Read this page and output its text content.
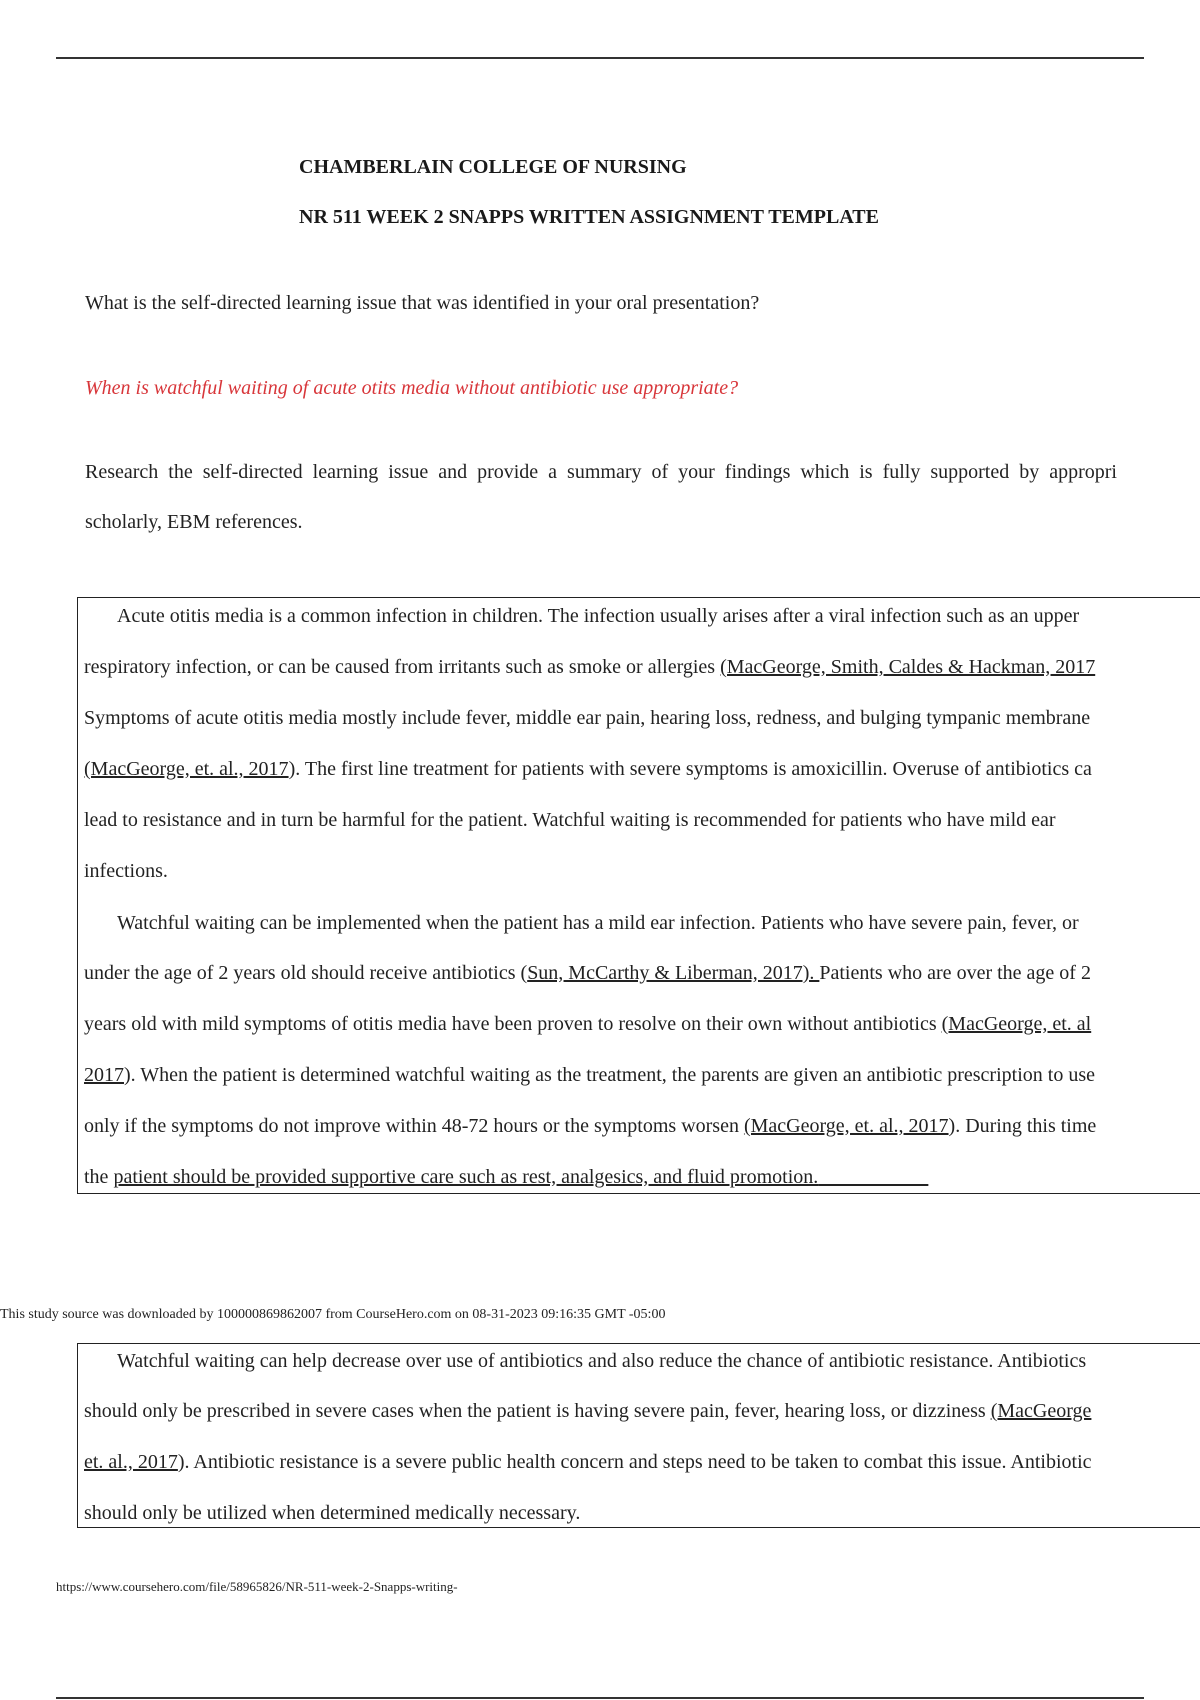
CHAMBERLAIN COLLEGE OF NURSING
NR 511 WEEK 2 SNAPPS WRITTEN ASSIGNMENT TEMPLATE
What is the self-directed learning issue that was identified in your oral presentation?
When is watchful waiting of acute otits media without antibiotic use appropriate?
Research the self-directed learning issue and provide a summary of your findings which is fully supported by appropri
scholarly, EBM references.
Acute otitis media is a common infection in children. The infection usually arises after a viral infection such as an upper
respiratory infection, or can be caused from irritants such as smoke or allergies (MacGeorge, Smith, Caldes & Hackman, 2017
Symptoms of acute otitis media mostly include fever, middle ear pain, hearing loss, redness, and bulging tympanic membrane
(MacGeorge, et. al., 2017). The first line treatment for patients with severe symptoms is amoxicillin. Overuse of antibiotics ca
lead to resistance and in turn be harmful for the patient. Watchful waiting is recommended for patients who have mild ear
infections.
Watchful waiting can be implemented when the patient has a mild ear infection. Patients who have severe pain, fever, or
under the age of 2 years old should receive antibiotics (Sun, McCarthy & Liberman, 2017). Patients who are over the age of 2
years old with mild symptoms of otitis media have been proven to resolve on their own without antibiotics (MacGeorge, et. al
2017). When the patient is determined watchful waiting as the treatment, the parents are given an antibiotic prescription to use
only if the symptoms do not improve within 48-72 hours or the symptoms worsen (MacGeorge, et. al., 2017). During this time
the patient should be provided supportive care such as rest, analgesics, and fluid promotion.___________
This study source was downloaded by 100000869862007 from CourseHero.com on 08-31-2023 09:16:35 GMT -05:00
Watchful waiting can help decrease over use of antibiotics and also reduce the chance of antibiotic resistance. Antibiotics
should only be prescribed in severe cases when the patient is having severe pain, fever, hearing loss, or dizziness (MacGeorge
et. al., 2017). Antibiotic resistance is a severe public health concern and steps need to be taken to combat this issue. Antibiotic
should only be utilized when determined medically necessary.
https://www.coursehero.com/file/58965826/NR-511-week-2-Snapps-writing-
